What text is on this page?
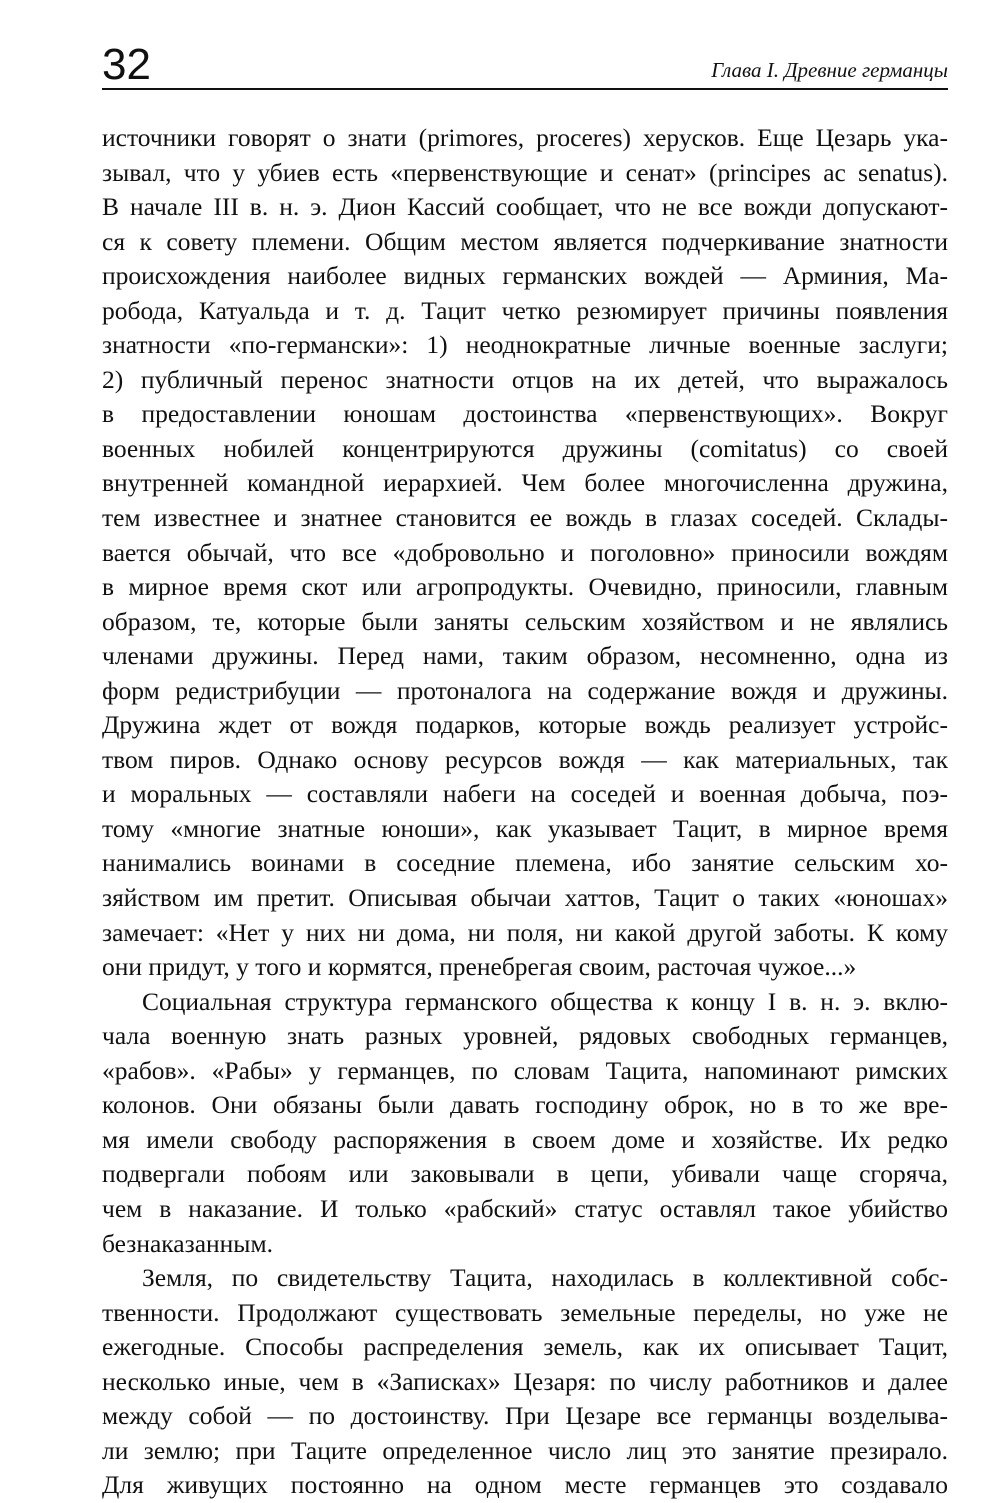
32	Глава I. Древние германцы
источники говорят о знати (primores, proceres) херусков. Еще Цезарь ука-
зывал, что у убиев есть «первенствующие и сенат» (principes ac senatus).
В начале III в. н. э. Дион Кассий сообщает, что не все вожди допускают-
ся к совету племени. Общим местом является подчеркивание знатности
происхождения наиболее видных германских вождей — Арминия, Ма-
робода, Катуальда и т. д. Тацит четко резюмирует причины появления
знатности «по-германски»: 1) неоднократные личные военные заслуги;
2) публичный перенос знатности отцов на их детей, что выражалось
в предоставлении юношам достоинства «первенствующих». Вокруг
военных нобилей концентрируются дружины (comitatus) со своей
внутренней командной иерархией. Чем более многочисленна дружина,
тем известнее и знатнее становится ее вождь в глазах соседей. Склады-
вается обычай, что все «добровольно и поголовно» приносили вождям
в мирное время скот или агропродукты. Очевидно, приносили, главным
образом, те, которые были заняты сельским хозяйством и не являлись
членами дружины. Перед нами, таким образом, несомненно, одна из
форм редистрибуции — протоналога на содержание вождя и дружины.
Дружина ждет от вождя подарков, которые вождь реализует устройс-
твом пиров. Однако основу ресурсов вождя — как материальных, так
и моральных — составляли набеги на соседей и военная добыча, поэ-
тому «многие знатные юноши», как указывает Тацит, в мирное время
нанимались воинами в соседние племена, ибо занятие сельским хо-
зяйством им претит. Описывая обычаи хаттов, Тацит о таких «юношах»
замечает: «Нет у них ни дома, ни поля, ни какой другой заботы. К кому
они придут, у того и кормятся, пренебрегая своим, расточая чужое...»
Социальная структура германского общества к концу I в. н. э. вклю-
чала военную знать разных уровней, рядовых свободных германцев,
«рабов». «Рабы» у германцев, по словам Тацита, напоминают римских
колонов. Они обязаны были давать господину оброк, но в то же вре-
мя имели свободу распоряжения в своем доме и хозяйстве. Их редко
подвергали побоям или заковывали в цепи, убивали чаще сгоряча,
чем в наказание. И только «рабский» статус оставлял такое убийство
безнаказанным.
Земля, по свидетельству Тацита, находилась в коллективной собс-
твенности. Продолжают существовать земельные переделы, но уже не
ежегодные. Способы распределения земель, как их описывает Тацит,
несколько иные, чем в «Записках» Цезаря: по числу работников и далее
между собой — по достоинству. При Цезаре все германцы возделыва-
ли землю; при Таците определенное число лиц это занятие презирало.
Для живущих постоянно на одном месте германцев это создавало
